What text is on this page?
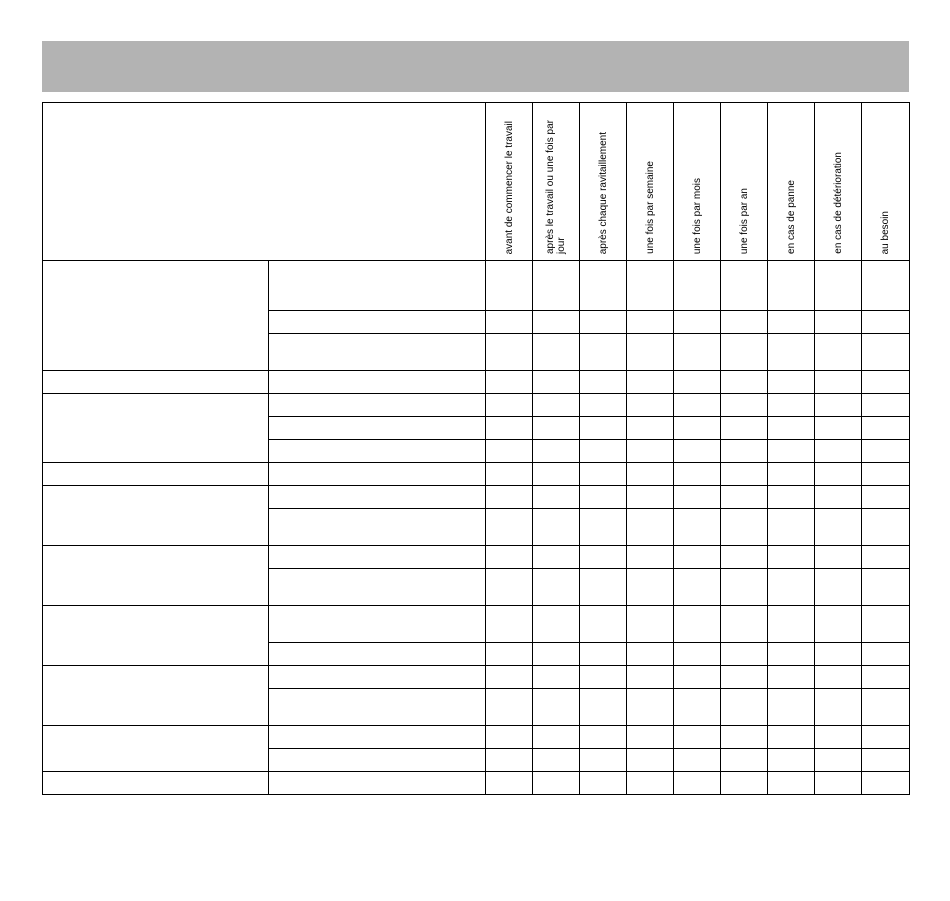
		avant de commencer le travail	après le travail ou une fois par jour	après chaque ravitaillement	une fois par semaine	une fois par mois	une fois par an	en cas de panne	en cas de détérioration	au besoin
